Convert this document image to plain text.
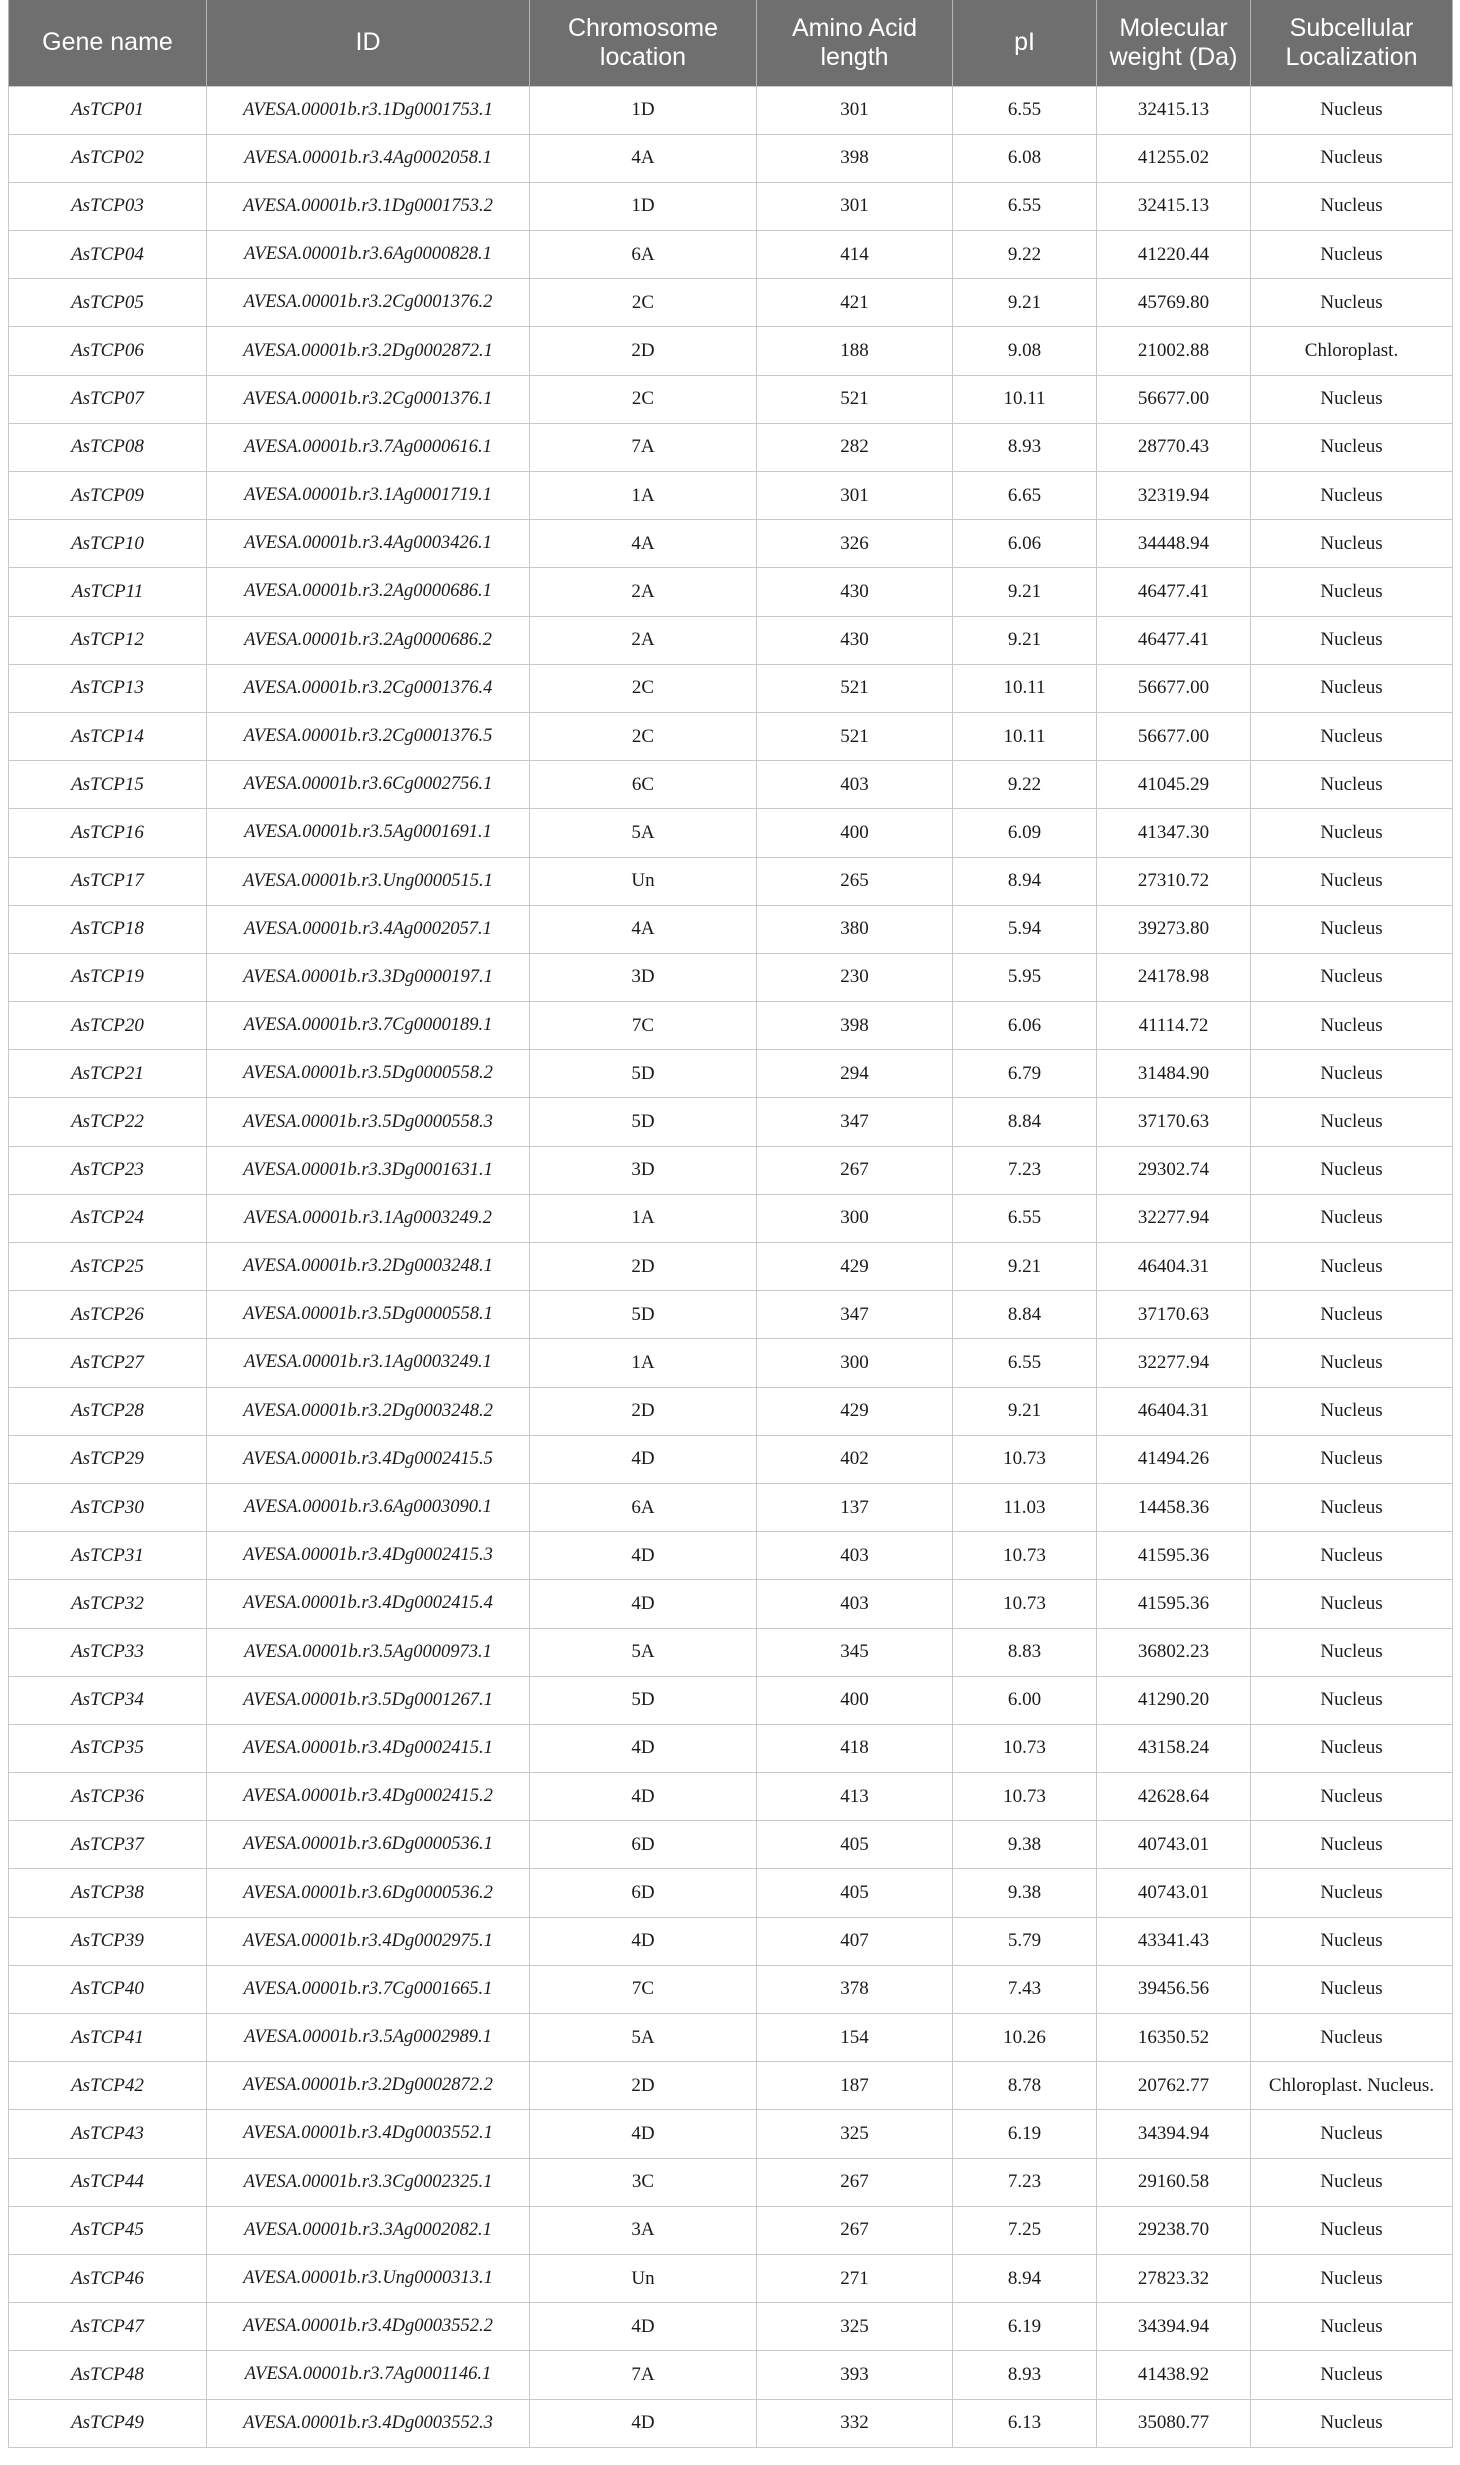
Gene name	ID	Chromosome location	Amino Acid length	pI	Molecular weight (Da)	Subcellular Localization
AsTCP01	AVESA.00001b.r3.1Dg0001753.1	1D	301	6.55	32415.13	Nucleus
AsTCP02	AVESA.00001b.r3.4Ag0002058.1	4A	398	6.08	41255.02	Nucleus
AsTCP03	AVESA.00001b.r3.1Dg0001753.2	1D	301	6.55	32415.13	Nucleus
AsTCP04	AVESA.00001b.r3.6Ag0000828.1	6A	414	9.22	41220.44	Nucleus
AsTCP05	AVESA.00001b.r3.2Cg0001376.2	2C	421	9.21	45769.80	Nucleus
AsTCP06	AVESA.00001b.r3.2Dg0002872.1	2D	188	9.08	21002.88	Chloroplast.
AsTCP07	AVESA.00001b.r3.2Cg0001376.1	2C	521	10.11	56677.00	Nucleus
AsTCP08	AVESA.00001b.r3.7Ag0000616.1	7A	282	8.93	28770.43	Nucleus
AsTCP09	AVESA.00001b.r3.1Ag0001719.1	1A	301	6.65	32319.94	Nucleus
AsTCP10	AVESA.00001b.r3.4Ag0003426.1	4A	326	6.06	34448.94	Nucleus
AsTCP11	AVESA.00001b.r3.2Ag0000686.1	2A	430	9.21	46477.41	Nucleus
AsTCP12	AVESA.00001b.r3.2Ag0000686.2	2A	430	9.21	46477.41	Nucleus
AsTCP13	AVESA.00001b.r3.2Cg0001376.4	2C	521	10.11	56677.00	Nucleus
AsTCP14	AVESA.00001b.r3.2Cg0001376.5	2C	521	10.11	56677.00	Nucleus
AsTCP15	AVESA.00001b.r3.6Cg0002756.1	6C	403	9.22	41045.29	Nucleus
AsTCP16	AVESA.00001b.r3.5Ag0001691.1	5A	400	6.09	41347.30	Nucleus
AsTCP17	AVESA.00001b.r3.Ung0000515.1	Un	265	8.94	27310.72	Nucleus
AsTCP18	AVESA.00001b.r3.4Ag0002057.1	4A	380	5.94	39273.80	Nucleus
AsTCP19	AVESA.00001b.r3.3Dg0000197.1	3D	230	5.95	24178.98	Nucleus
AsTCP20	AVESA.00001b.r3.7Cg0000189.1	7C	398	6.06	41114.72	Nucleus
AsTCP21	AVESA.00001b.r3.5Dg0000558.2	5D	294	6.79	31484.90	Nucleus
AsTCP22	AVESA.00001b.r3.5Dg0000558.3	5D	347	8.84	37170.63	Nucleus
AsTCP23	AVESA.00001b.r3.3Dg0001631.1	3D	267	7.23	29302.74	Nucleus
AsTCP24	AVESA.00001b.r3.1Ag0003249.2	1A	300	6.55	32277.94	Nucleus
AsTCP25	AVESA.00001b.r3.2Dg0003248.1	2D	429	9.21	46404.31	Nucleus
AsTCP26	AVESA.00001b.r3.5Dg0000558.1	5D	347	8.84	37170.63	Nucleus
AsTCP27	AVESA.00001b.r3.1Ag0003249.1	1A	300	6.55	32277.94	Nucleus
AsTCP28	AVESA.00001b.r3.2Dg0003248.2	2D	429	9.21	46404.31	Nucleus
AsTCP29	AVESA.00001b.r3.4Dg0002415.5	4D	402	10.73	41494.26	Nucleus
AsTCP30	AVESA.00001b.r3.6Ag0003090.1	6A	137	11.03	14458.36	Nucleus
AsTCP31	AVESA.00001b.r3.4Dg0002415.3	4D	403	10.73	41595.36	Nucleus
AsTCP32	AVESA.00001b.r3.4Dg0002415.4	4D	403	10.73	41595.36	Nucleus
AsTCP33	AVESA.00001b.r3.5Ag0000973.1	5A	345	8.83	36802.23	Nucleus
AsTCP34	AVESA.00001b.r3.5Dg0001267.1	5D	400	6.00	41290.20	Nucleus
AsTCP35	AVESA.00001b.r3.4Dg0002415.1	4D	418	10.73	43158.24	Nucleus
AsTCP36	AVESA.00001b.r3.4Dg0002415.2	4D	413	10.73	42628.64	Nucleus
AsTCP37	AVESA.00001b.r3.6Dg0000536.1	6D	405	9.38	40743.01	Nucleus
AsTCP38	AVESA.00001b.r3.6Dg0000536.2	6D	405	9.38	40743.01	Nucleus
AsTCP39	AVESA.00001b.r3.4Dg0002975.1	4D	407	5.79	43341.43	Nucleus
AsTCP40	AVESA.00001b.r3.7Cg0001665.1	7C	378	7.43	39456.56	Nucleus
AsTCP41	AVESA.00001b.r3.5Ag0002989.1	5A	154	10.26	16350.52	Nucleus
AsTCP42	AVESA.00001b.r3.2Dg0002872.2	2D	187	8.78	20762.77	Chloroplast. Nucleus.
AsTCP43	AVESA.00001b.r3.4Dg0003552.1	4D	325	6.19	34394.94	Nucleus
AsTCP44	AVESA.00001b.r3.3Cg0002325.1	3C	267	7.23	29160.58	Nucleus
AsTCP45	AVESA.00001b.r3.3Ag0002082.1	3A	267	7.25	29238.70	Nucleus
AsTCP46	AVESA.00001b.r3.Ung0000313.1	Un	271	8.94	27823.32	Nucleus
AsTCP47	AVESA.00001b.r3.4Dg0003552.2	4D	325	6.19	34394.94	Nucleus
AsTCP48	AVESA.00001b.r3.7Ag0001146.1	7A	393	8.93	41438.92	Nucleus
AsTCP49	AVESA.00001b.r3.4Dg0003552.3	4D	332	6.13	35080.77	Nucleus
